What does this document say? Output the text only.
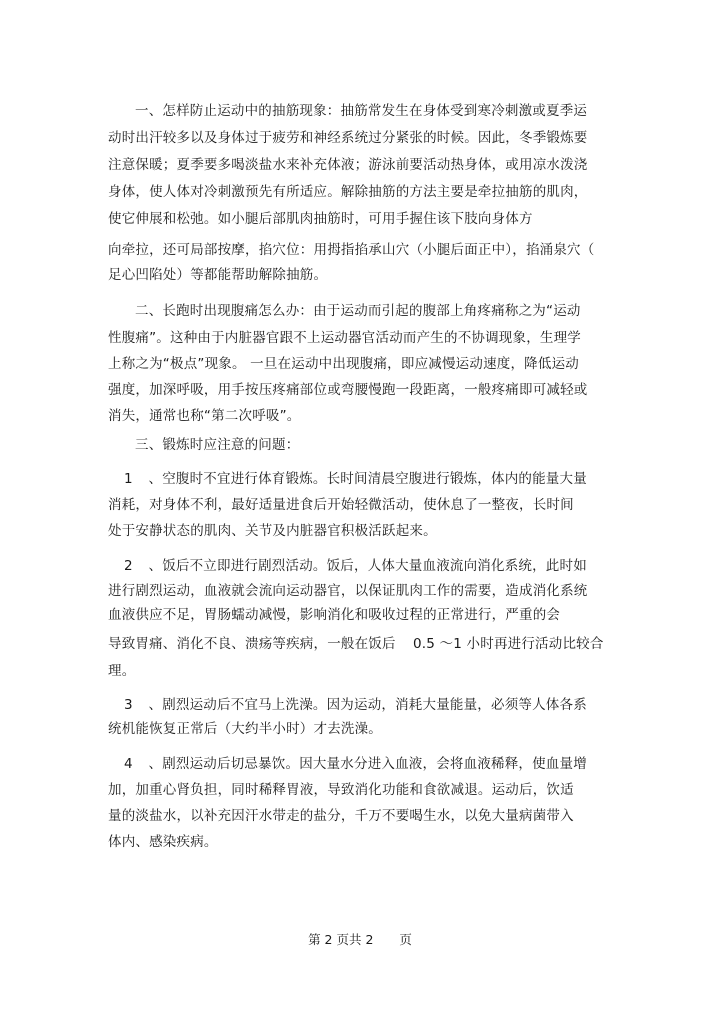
一、怎样防止运动中的抽筋现象：抽筋常发生在身体受到寒冷刺激或夏季运
动时出汗较多以及身体过于疲劳和神经系统过分紧张的时候。因此，冬季锻炼要
注意保暖；夏季要多喝淡盐水来补充体液；游泳前要活动热身体，或用凉水泼浇
身体，使人体对冷刺激预先有所适应。解除抽筋的方法主要是牵拉抽筋的肌肉，
使它伸展和松弛。如小腿后部肌肉抽筋时，可用手握住该下肢向身体方
向牵拉，还可局部按摩，掐穴位：用拇指掐承山穴（小腿后面正中），掐涌泉穴（
足心凹陷处）等都能帮助解除抽筋。
二、长跑时出现腹痛怎么办：由于运动而引起的腹部上角疼痛称之为“运动
性腹痛”。这种由于内脏器官跟不上运动器官活动而产生的不协调现象，生理学
上称之为“极点”现象。 一旦在运动中出现腹痛，即应减慢运动速度，降低运动
强度，加深呼吸，用手按压疼痛部位或弯腰慢跑一段距离，一般疼痛即可减轻或
消失，通常也称“第二次呼吸”。
三、锻炼时应注意的问题：
1 、空腹时不宜进行体育锻炼。长时间清晨空腹进行锻炼，体内的能量大量
消耗，对身体不利，最好适量进食后开始轻微活动，使休息了一整夜，长时间
处于安静状态的肌肉、关节及内脏器官积极活跃起来。
2 、饭后不立即进行剧烈活动。饭后，人体大量血液流向消化系统，此时如
进行剧烈运动，血液就会流向运动器官，以保证肌肉工作的需要，造成消化系统
血液供应不足，胃肠蠕动减慢，影响消化和吸收过程的正常进行，严重的会
导致胃痛、消化不良、溃疡等疾病，一般在饭后 0.5 ～1 小时再进行活动比较合
理。
3 、剧烈运动后不宜马上洗澡。因为运动，消耗大量能量，必须等人体各系
统机能恢复正常后（大约半小时）才去洗澡。
4 、剧烈运动后切忌暴饮。因大量水分进入血液，会将血液稀释，使血量增
加，加重心肾负担，同时稀释胃液，导致消化功能和食欲减退。运动后，饮适
量的淡盐水，以补充因汗水带走的盐分，千万不要喝生水，以免大量病菌带入
体内、感染疾病。
第 2 页共 2 页
